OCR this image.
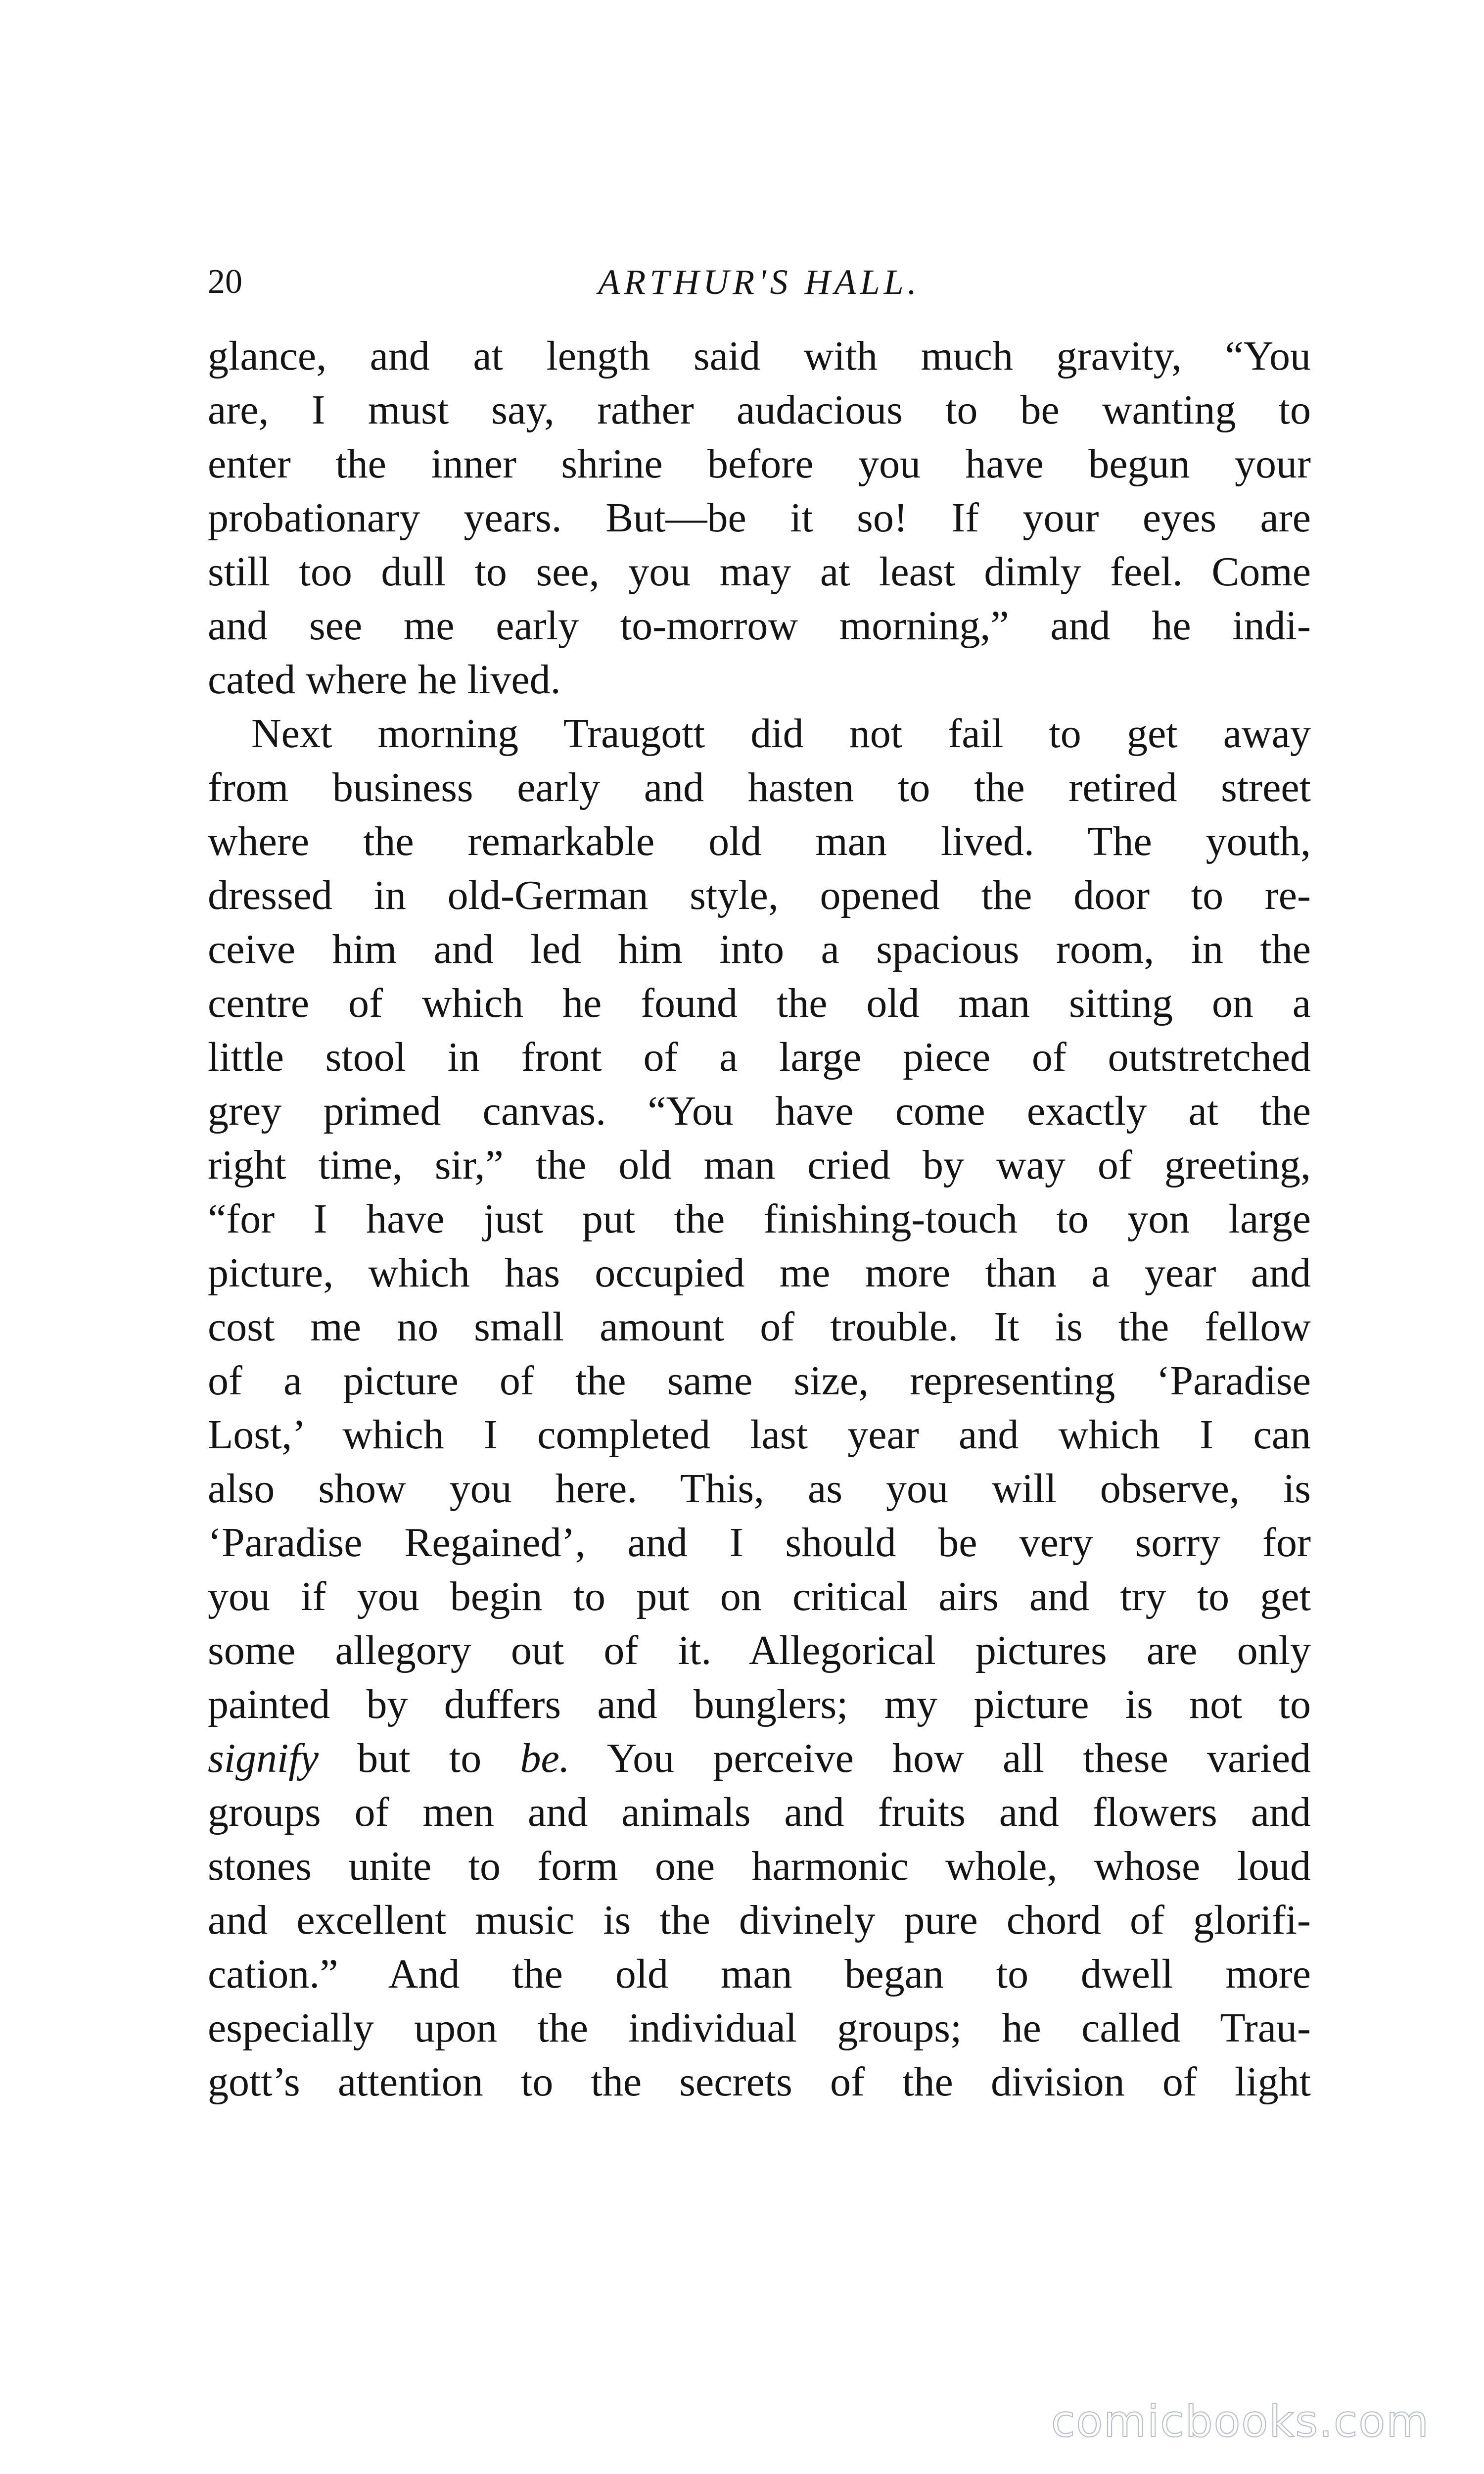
20	ARTHUR'S HALL.
glance, and at length said with much gravity, “You
are, I must say, rather audacious to be wanting to
enter the inner shrine before you have begun your
probationary years. But—be it so! If your eyes are
still too dull to see, you may at least dimly feel. Come
and see me early to-morrow morning,” and he indi-
cated where he lived.
Next morning Traugott did not fail to get away
from business early and hasten to the retired street
where the remarkable old man lived. The youth,
dressed in old-German style, opened the door to re-
ceive him and led him into a spacious room, in the
centre of which he found the old man sitting on a
little stool in front of a large piece of outstretched
grey primed canvas. “You have come exactly at the
right time, sir,” the old man cried by way of greeting,
“for I have just put the finishing-touch to yon large
picture, which has occupied me more than a year and
cost me no small amount of trouble. It is the fellow
of a picture of the same size, representing ‘Paradise
Lost,’ which I completed last year and which I can
also show you here. This, as you will observe, is
‘Paradise Regained’, and I should be very sorry for
you if you begin to put on critical airs and try to get
some allegory out of it. Allegorical pictures are only
painted by duffers and bunglers; my picture is not to
signify but to be. You perceive how all these varied
groups of men and animals and fruits and flowers and
stones unite to form one harmonic whole, whose loud
and excellent music is the divinely pure chord of glorifi-
cation.” And the old man began to dwell more
especially upon the individual groups; he called Trau-
gott’s attention to the secrets of the division of light
comicbooks.com
